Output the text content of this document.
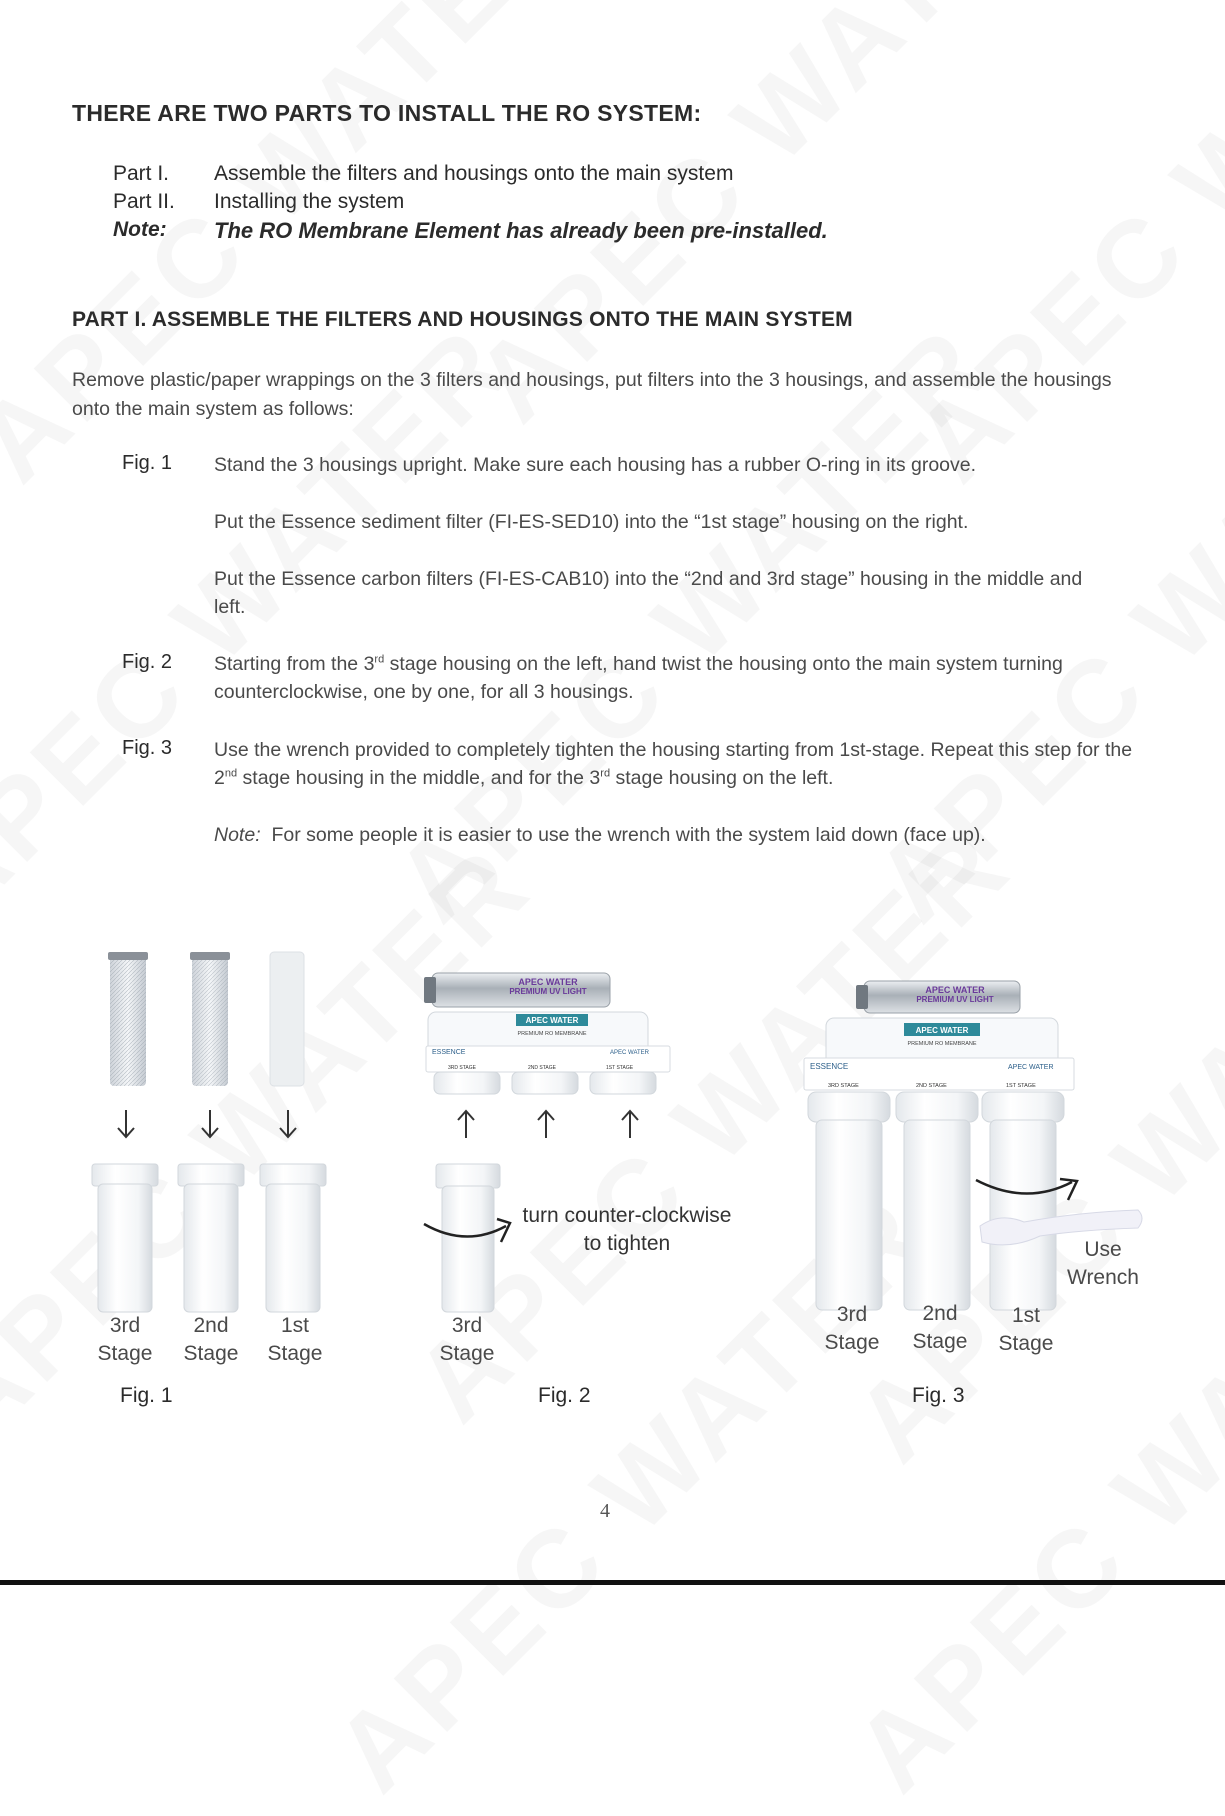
THERE ARE TWO PARTS TO INSTALL THE RO SYSTEM:
Part I. Assemble the filters and housings onto the main system
Part II. Installing the system
Note: The RO Membrane Element has already been pre-installed.
PART I. ASSEMBLE THE FILTERS AND HOUSINGS ONTO THE MAIN SYSTEM
Remove plastic/paper wrappings on the 3 filters and housings, put filters into the 3 housings, and assemble the housings onto the main system as follows:
Fig. 1 Stand the 3 housings upright. Make sure each housing has a rubber O-ring in its groove.
Put the Essence sediment filter (FI-ES-SED10) into the “1st stage” housing on the right.
Put the Essence carbon filters (FI-ES-CAB10) into the “2nd and 3rd stage” housing in the middle and left.
Fig. 2 Starting from the 3rd stage housing on the left, hand twist the housing onto the main system turning counterclockwise, one by one, for all 3 housings.
Fig. 3 Use the wrench provided to completely tighten the housing starting from 1st-stage. Repeat this step for the 2nd stage housing in the middle, and for the 3rd stage housing on the left.
Note: For some people it is easier to use the wrench with the system laid down (face up).
APEC WATER
PREMIUM UV LIGHT
APEC WATER
PREMIUM RO MEMBRANE
ESSENCE	APEC WATER
3RD STAGE	2ND STAGE	1ST STAGE
APEC WATER
PREMIUM UV LIGHT
APEC WATER
PREMIUM RO MEMBRANE
ESSENCE	APEC WATER
3RD STAGE	2ND STAGE	1ST STAGE
3rd Stage
2nd Stage
1st Stage
3rd Stage
turn counter-clockwise to tighten
3rd Stage
2nd Stage
1st Stage
Use Wrench
Fig. 1	Fig. 2	Fig. 3
4
